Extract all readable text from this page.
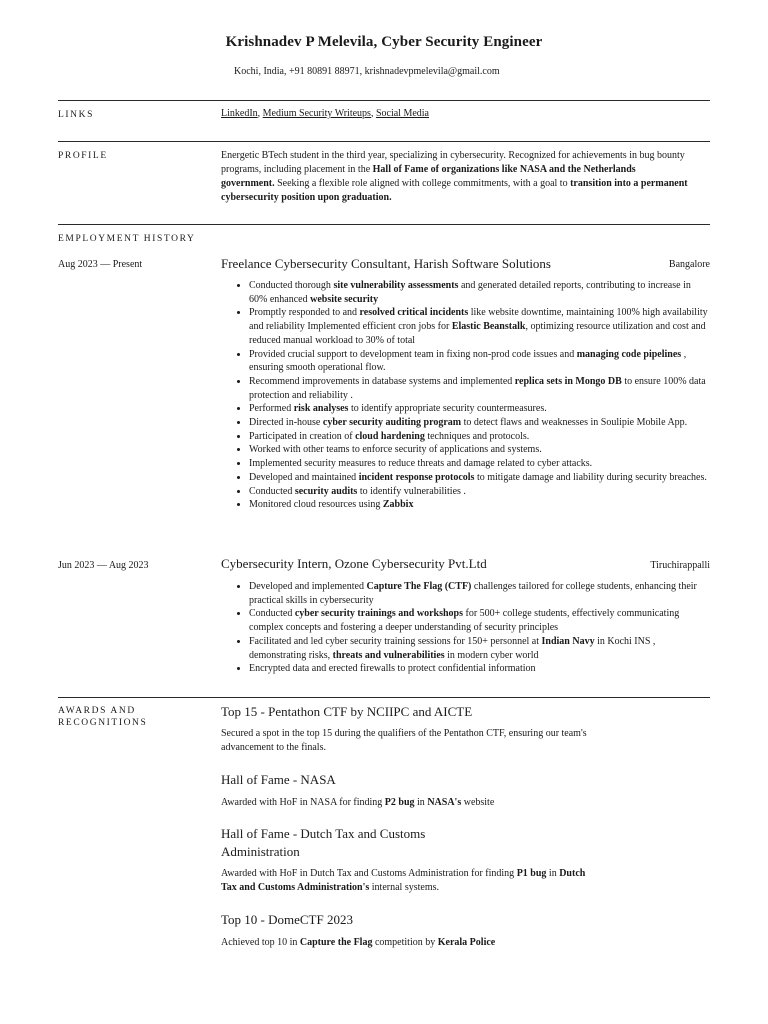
Krishnadev P Melevila, Cyber Security Engineer
Kochi, India, +91 80891 88971, krishnadevpmelevila@gmail.com
LINKS	LinkedIn, Medium Security Writeups, Social Media
PROFILE	Energetic BTech student in the third year, specializing in cybersecurity. Recognized for achievements in bug bounty programs, including placement in the Hall of Fame of organizations like NASA and the Netherlands government. Seeking a flexible role aligned with college commitments, with a goal to transition into a permanent cybersecurity position upon graduation.
EMPLOYMENT HISTORY
Aug 2023 — Present	Freelance Cybersecurity Consultant, Harish Software Solutions	Bangalore
• Conducted thorough site vulnerability assessments and generated detailed reports, contributing to increase in 60% enhanced website security
• Promptly responded to and resolved critical incidents like website downtime, maintaining 100% high availability and reliability Implemented efficient cron jobs for Elastic Beanstalk, optimizing resource utilization and cost and reduced manual workload to 30% of total
• Provided crucial support to development team in fixing non-prod code issues and managing code pipelines , ensuring smooth operational flow.
• Recommend improvements in database systems and implemented replica sets in Mongo DB to ensure 100% data protection and reliability .
• Performed risk analyses to identify appropriate security countermeasures.
• Directed in-house cyber security auditing program to detect flaws and weaknesses in Soulipie Mobile App.
• Participated in creation of cloud hardening techniques and protocols.
• Worked with other teams to enforce security of applications and systems.
• Implemented security measures to reduce threats and damage related to cyber attacks.
• Developed and maintained incident response protocols to mitigate damage and liability during security breaches.
• Conducted security audits to identify vulnerabilities .
• Monitored cloud resources using Zabbix
Jun 2023 — Aug 2023	Cybersecurity Intern, Ozone Cybersecurity Pvt.Ltd	Tiruchirappalli
• Developed and implemented Capture The Flag (CTF) challenges tailored for college students, enhancing their practical skills in cybersecurity
• Conducted cyber security trainings and workshops for 500+ college students, effectively communicating complex concepts and fostering a deeper understanding of security principles
• Facilitated and led cyber security training sessions for 150+ personnel at Indian Navy in Kochi INS , demonstrating risks, threats and vulnerabilities in modern cyber world
• Encrypted data and erected firewalls to protect confidential information
AWARDS AND
RECOGNITIONS
Top 15 - Pentathon CTF by NCIIPC and AICTE
Secured a spot in the top 15 during the qualifiers of the Pentathon CTF, ensuring our team's advancement to the finals.
Hall of Fame - NASA
Awarded with HoF in NASA for finding P2 bug in NASA's website
Hall of Fame - Dutch Tax and Customs Administration
Awarded with HoF in Dutch Tax and Customs Administration for finding P1 bug in Dutch Tax and Customs Administration's internal systems.
Top 10 - DomeCTF 2023
Achieved top 10 in Capture the Flag competition by Kerala Police
